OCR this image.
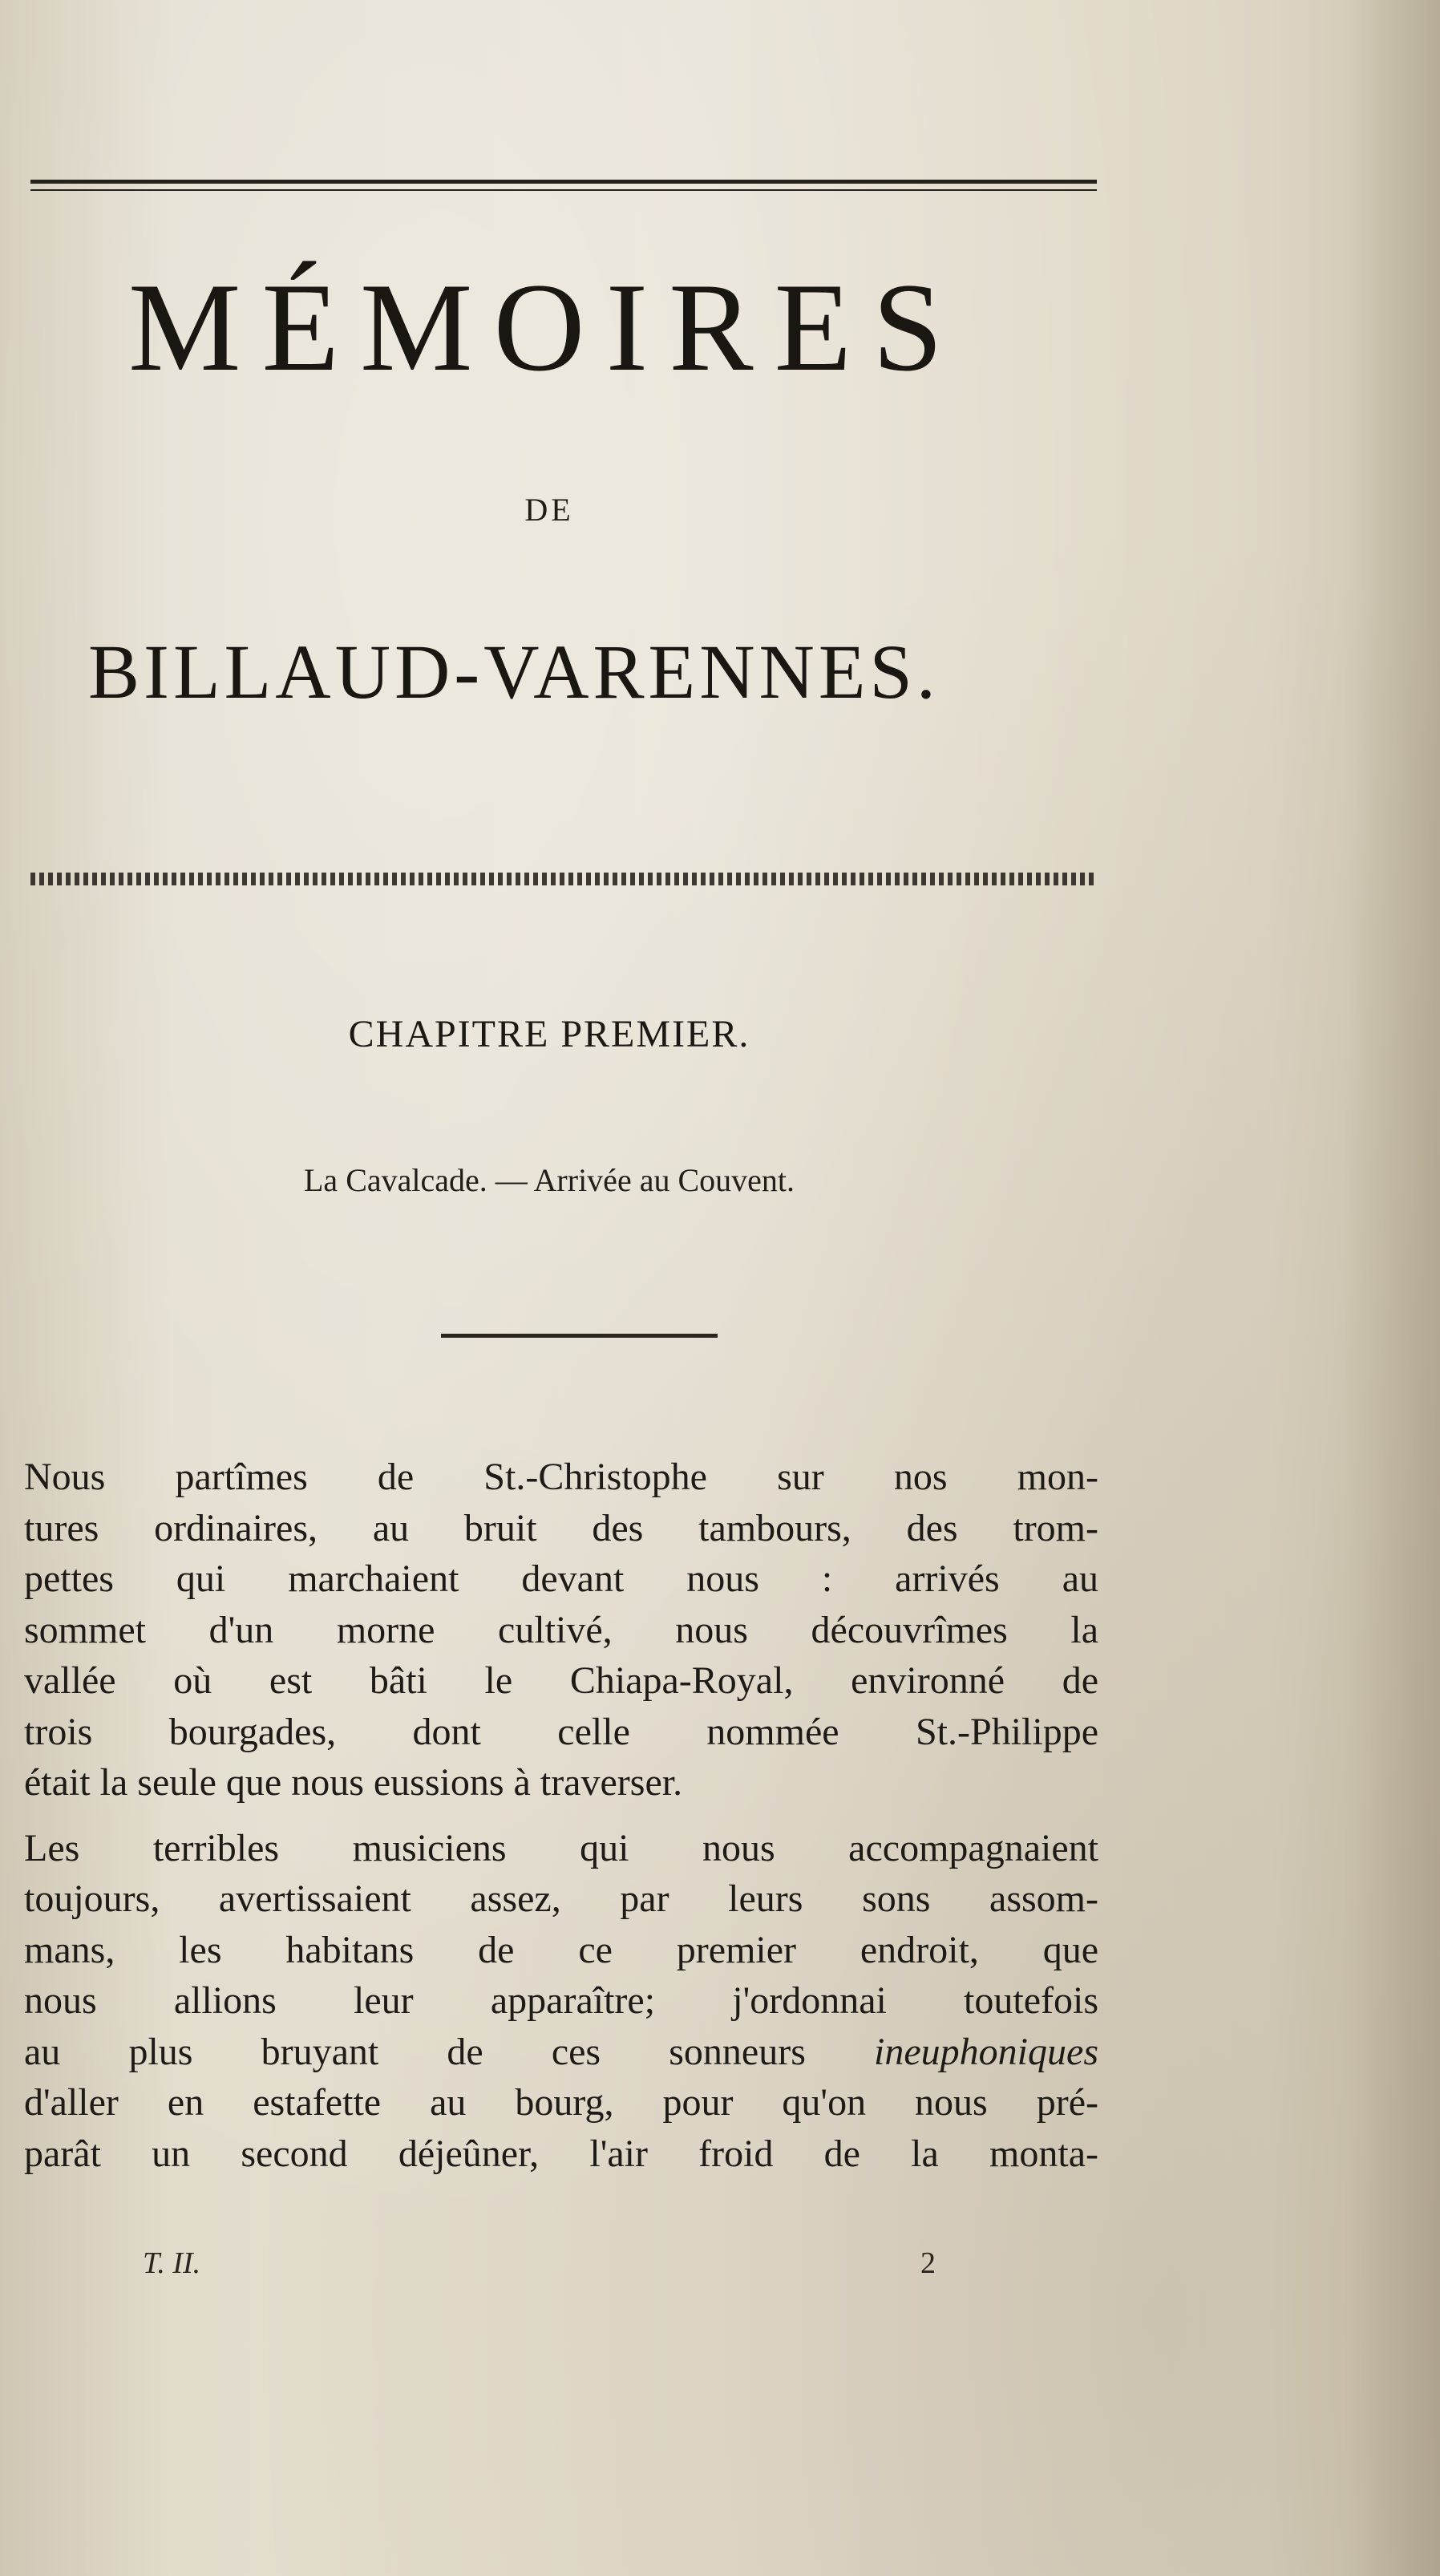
MÉMOIRES
DE
BILLAUD-VARENNES.
CHAPITRE PREMIER.
La Cavalcade. — Arrivée au Couvent.
Nous partîmes de St.-Christophe sur nos mon-
tures ordinaires, au bruit des tambours, des trom-
pettes qui marchaient devant nous : arrivés au
sommet d'un morne cultivé, nous découvrîmes la
vallée où est bâti le Chiapa-Royal, environné de
trois bourgades, dont celle nommée St.-Philippe
était la seule que nous eussions à traverser.
Les terribles musiciens qui nous accompagnaient
toujours, avertissaient assez, par leurs sons assom-
mans, les habitans de ce premier endroit, que
nous allions leur apparaître; j'ordonnai toutefois
au plus bruyant de ces sonneurs ineuphoniques
d'aller en estafette au bourg, pour qu'on nous pré-
parât un second déjeûner, l'air froid de la monta-
T. II.	2
